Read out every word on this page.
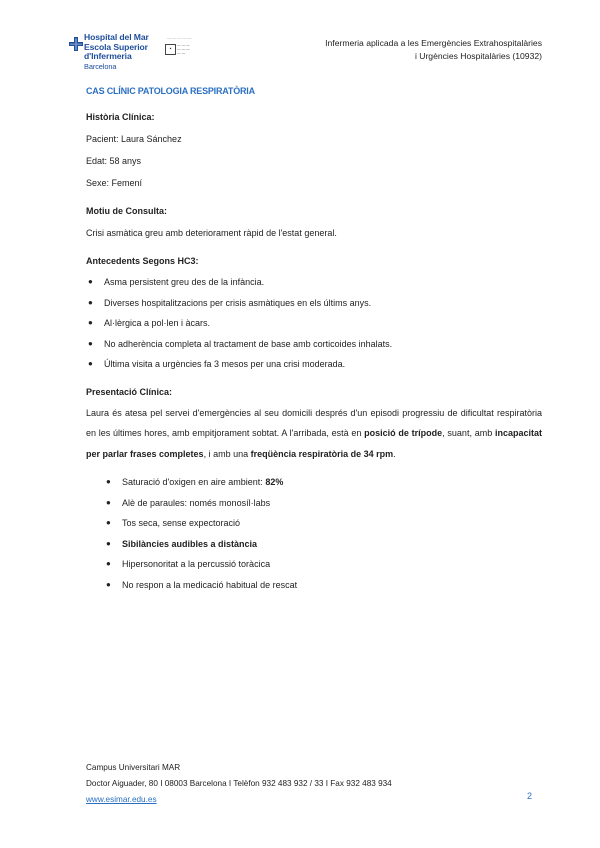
Hospital del Mar
Escola Superior
d'Infermeria
Barcelona
— — — — —
▪
— — —
— — —
— —
Infermeria aplicada a les Emergències Extrahospitalàries
i Urgències Hospitalàries (10932)
CAS CLÍNIC PATOLOGIA RESPIRATÒRIA
Història Clínica:
Pacient: Laura Sánchez
Edat: 58 anys
Sexe: Femení
Motiu de Consulta:
Crisi asmàtica greu amb deteriorament ràpid de l'estat general.
Antecedents Segons HC3:
● Asma persistent greu des de la infància.
● Diverses hospitalitzacions per crisis asmàtiques en els últims anys.
● Al·lèrgica a pol·len i àcars.
● No adherència completa al tractament de base amb corticoides inhalats.
● Última visita a urgències fa 3 mesos per una crisi moderada.
Presentació Clínica:

Laura és atesa pel servei d'emergències al seu domicili després d'un episodi progressiu de dificultat respiratòria en les últimes hores, amb empitjorament sobtat. A l'arribada, està en posició de trípode, suant, amb incapacitat per parlar frases completes, i amb una freqüència respiratòria de 34 rpm.

● Saturació d'oxigen en aire ambient: 82%
● Alè de paraules: només monosíl·labs
● Tos seca, sense expectoració
● Sibilàncies audibles a distància
● Hipersonoritat a la percussió toràcica
● No respon a la medicació habitual de rescat
Campus Universitari MAR
Doctor Aiguader, 80 I 08003 Barcelona I Telèfon 932 483 932 / 33 I Fax 932 483 934
www.esimar.edu.es	2
